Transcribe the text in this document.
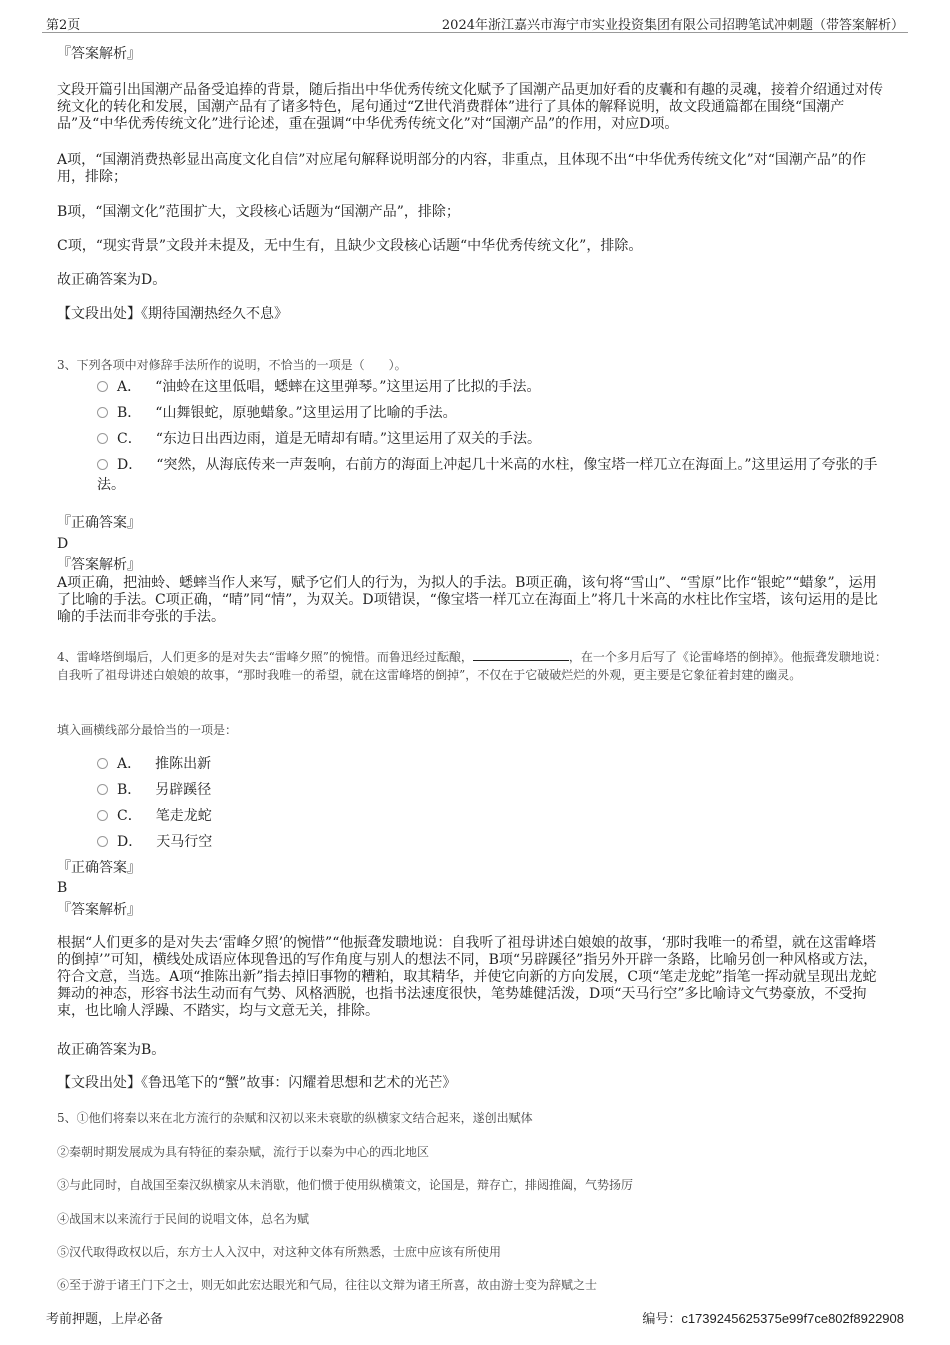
第2页	2024年浙江嘉兴市海宁市实业投资集团有限公司招聘笔试冲刺题（带答案解析）
『答案解析』
文段开篇引出国潮产品备受追捧的背景，随后指出中华优秀传统文化赋予了国潮产品更加好看的皮囊和有趣的灵魂，接着介绍通过对传统文化的转化和发展，国潮产品有了诸多特色，尾句通过“Z世代消费群体”进行了具体的解释说明，故文段通篇都在围绕“国潮产品”及“中华优秀传统文化”进行论述，重在强调“中华优秀传统文化”对“国潮产品”的作用，对应D项。
A项，“国潮消费热彰显出高度文化自信”对应尾句解释说明部分的内容，非重点，且体现不出“中华优秀传统文化”对“国潮产品”的作用，排除；
B项，“国潮文化”范围扩大，文段核心话题为“国潮产品”，排除；
C项，“现实背景”文段并未提及，无中生有，且缺少文段核心话题“中华优秀传统文化”，排除。
故正确答案为D。
【文段出处】《期待国潮热经久不息》
3、下列各项中对修辞手法所作的说明，不恰当的一项是（　　）。
A． “油蛉在这里低唱，蟋蟀在这里弹琴。”这里运用了比拟的手法。
B． “山舞银蛇，原驰蜡象。”这里运用了比喻的手法。
C． “东边日出西边雨，道是无晴却有晴。”这里运用了双关的手法。
D． “突然，从海底传来一声轰响，右前方的海面上冲起几十米高的水柱，像宝塔一样兀立在海面上。”这里运用了夸张的手法。
『正确答案』
D
『答案解析』
A项正确，把油蛉、蟋蟀当作人来写，赋予它们人的行为，为拟人的手法。B项正确，该句将“雪山”、“雪原”比作“银蛇”“蜡象”，运用了比喻的手法。C项正确，“晴”同“情”，为双关。D项错误，“像宝塔一样兀立在海面上”将几十米高的水柱比作宝塔，该句运用的是比喻的手法而非夸张的手法。
4、雷峰塔倒塌后，人们更多的是对失去“雷峰夕照”的惋惜。而鲁迅经过酝酿，	，在一个多月后写了《论雷峰塔的倒掉》。他振聋发聩地说：自我听了祖母讲述白娘娘的故事，“那时我唯一的希望，就在这雷峰塔的倒掉”，不仅在于它破破烂烂的外观，更主要是它象征着封建的幽灵。
填入画横线部分最恰当的一项是：
A． 推陈出新
B． 另辟蹊径
C． 笔走龙蛇
D． 天马行空
『正确答案』
B
『答案解析』
根据“人们更多的是对失去‘雷峰夕照’的惋惜”“他振聋发聩地说：自我听了祖母讲述白娘娘的故事，‘那时我唯一的希望，就在这雷峰塔的倒掉’”可知，横线处成语应体现鲁迅的写作角度与别人的想法不同，B项“另辟蹊径”指另外开辟一条路，比喻另创一种风格或方法，符合文意，当选。A项“推陈出新”指去掉旧事物的糟粕，取其精华，并使它向新的方向发展，C项“笔走龙蛇”指笔一挥动就呈现出龙蛇舞动的神态，形容书法生动而有气势、风格洒脱，也指书法速度很快，笔势雄健活泼，D项“天马行空”多比喻诗文气势豪放，不受拘束，也比喻人浮躁、不踏实，均与文意无关，排除。
故正确答案为B。
【文段出处】《鲁迅笔下的“蟹”故事：闪耀着思想和艺术的光芒》
5、①他们将秦以来在北方流行的杂赋和汉初以来未衰歇的纵横家文结合起来，遂创出赋体
②秦朝时期发展成为具有特征的秦杂赋，流行于以秦为中心的西北地区
③与此同时，自战国至秦汉纵横家从未消歇，他们惯于使用纵横策文，论国是，辩存亡，排闼推阖，气势扬厉
④战国末以来流行于民间的说唱文体，总名为赋
⑤汉代取得政权以后，东方士人入汉中，对这种文体有所熟悉，士庶中应该有所使用
⑥至于游于诸王门下之士，则无如此宏达眼光和气局，往往以文辩为诸王所喜，故由游士变为辞赋之士
考前押题，上岸必备	编号：c1739245625375e99f7ce802f8922908
